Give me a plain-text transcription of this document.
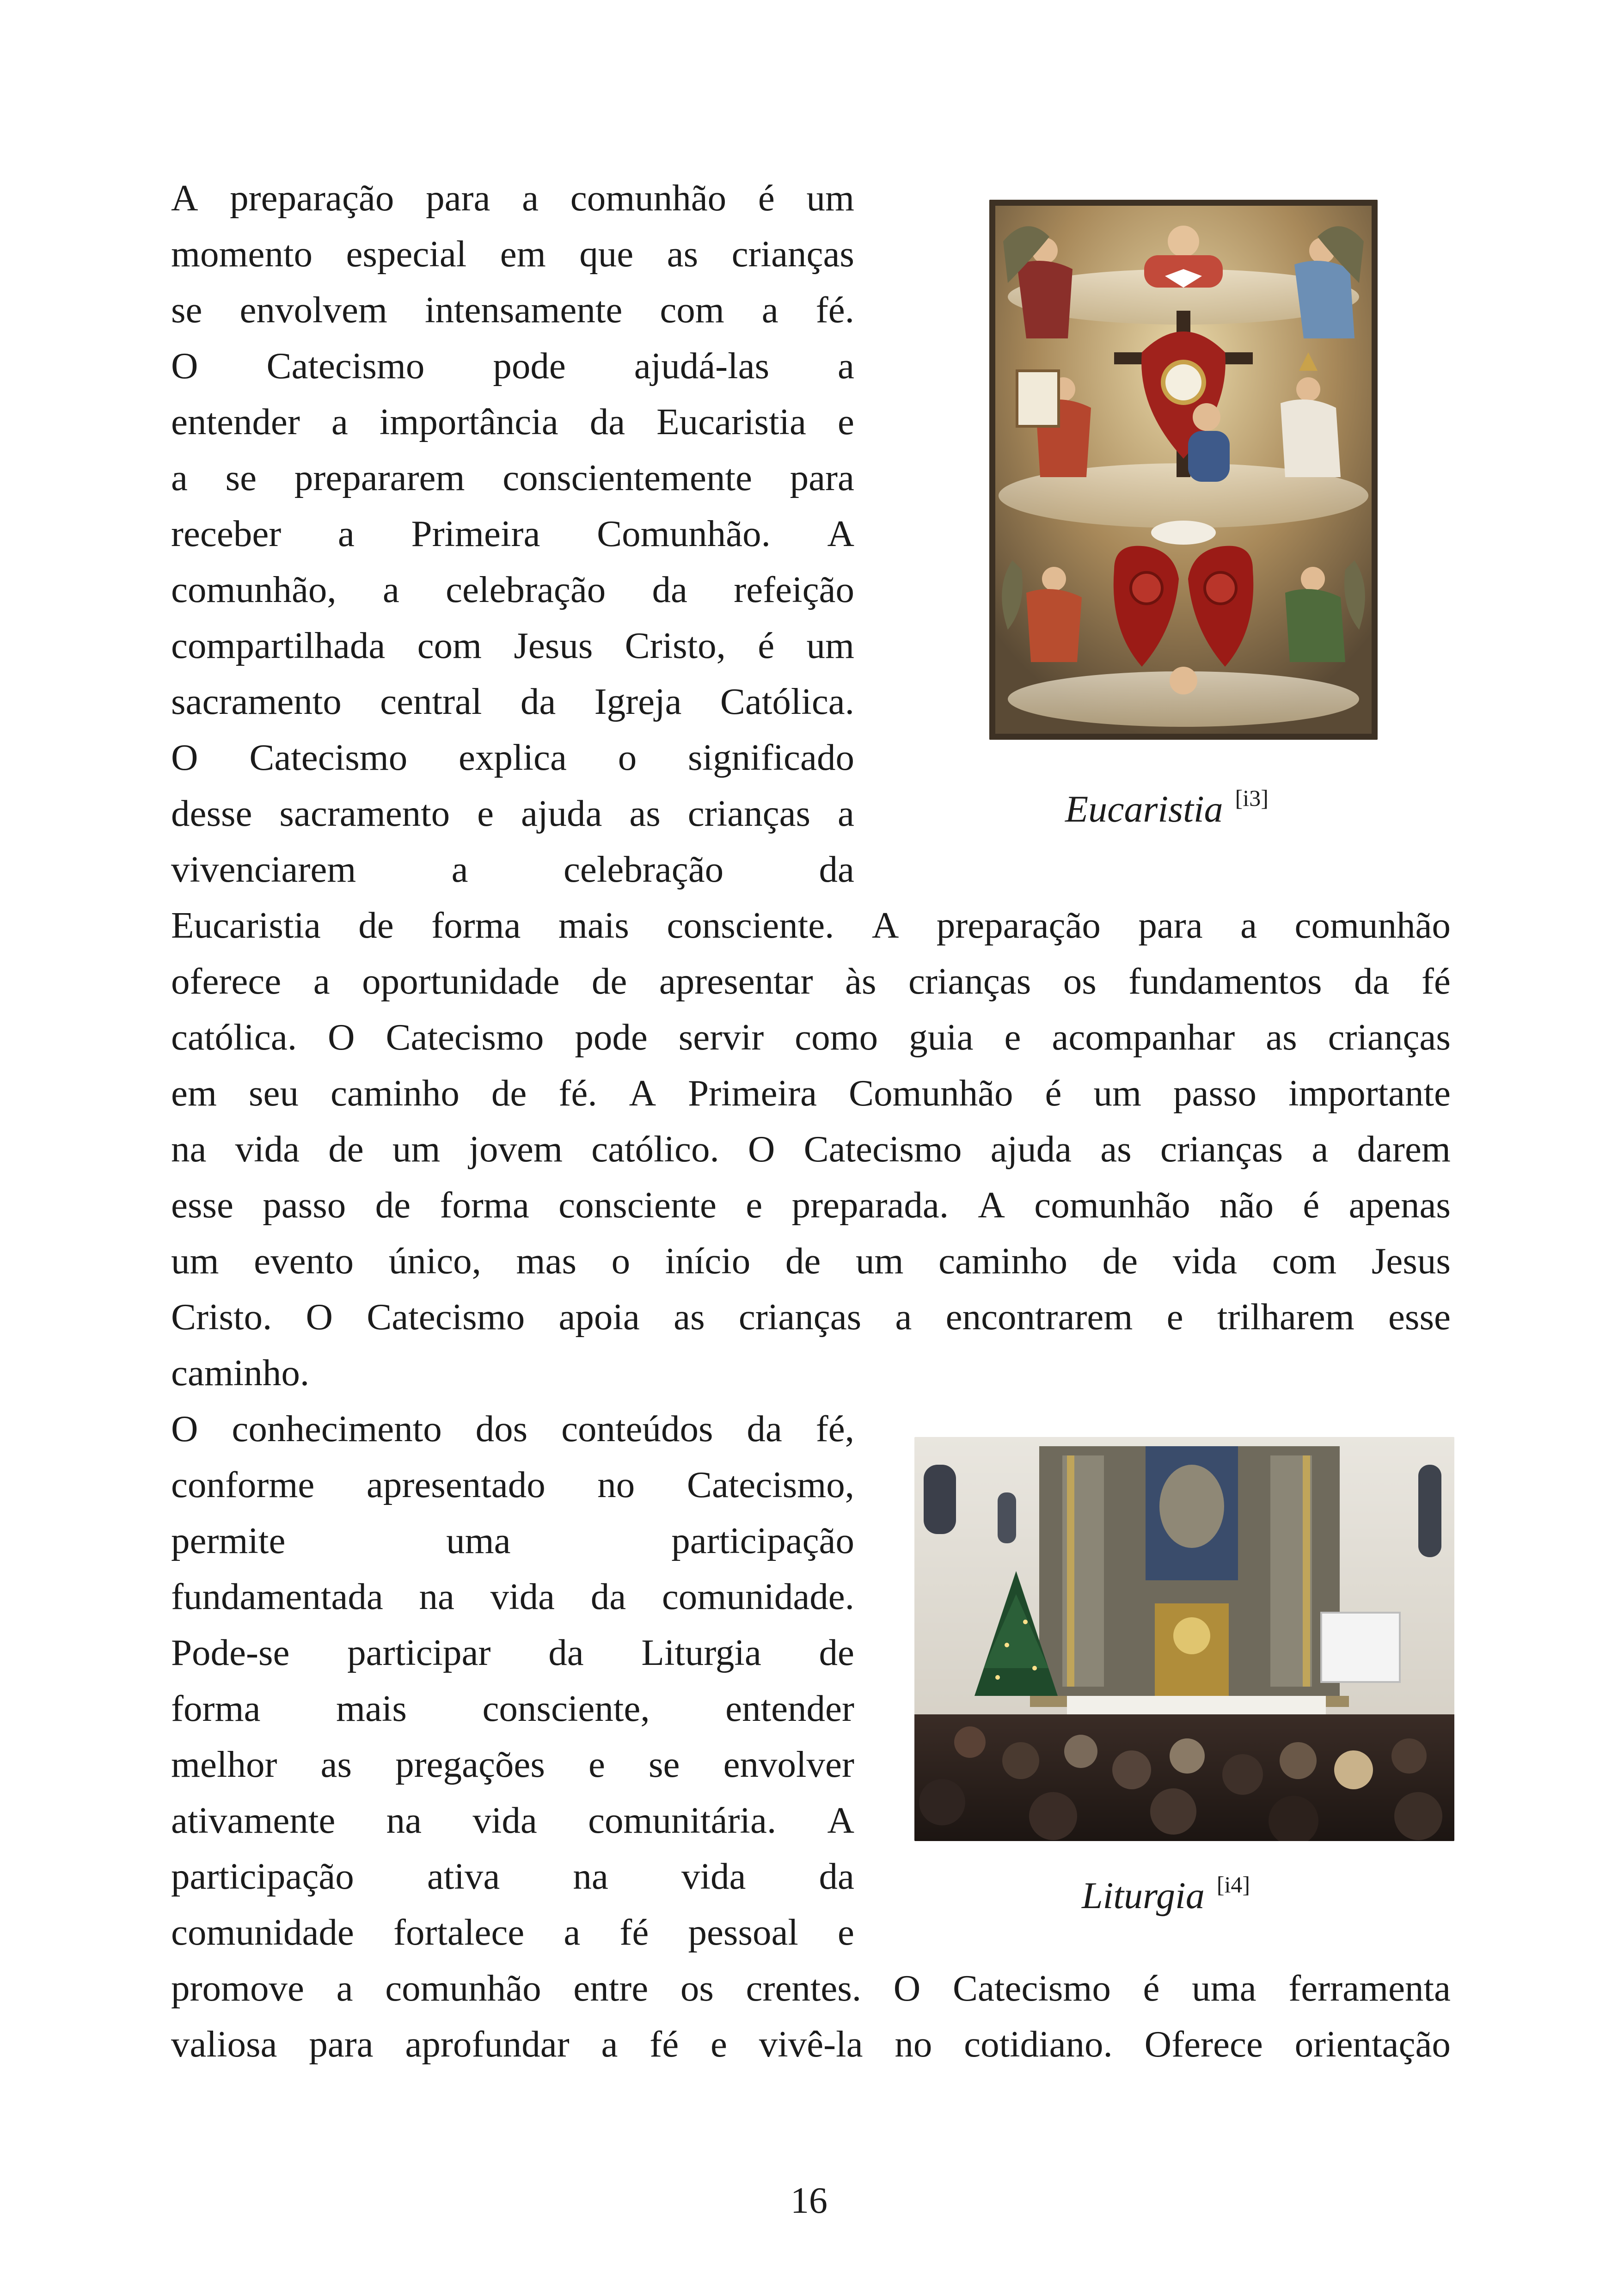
A preparação para a comunhão é um
momento especial em que as crianças
se envolvem intensamente com a fé.
O Catecismo pode ajudá-las a
entender a importância da Eucaristia e
a se prepararem conscientemente para
receber a Primeira Comunhão. A
comunhão, a celebração da refeição
compartilhada com Jesus Cristo, é um
sacramento central da Igreja Católica.
O Catecismo explica o significado
desse sacramento e ajuda as crianças a
vivenciarem	a	celebração	da
Eucaristia de forma mais consciente. A preparação para a comunhão
oferece a oportunidade de apresentar às crianças os fundamentos da fé
católica. O Catecismo pode servir como guia e acompanhar as crianças
em seu caminho de fé. A Primeira Comunhão é um passo importante
na vida de um jovem católico. O Catecismo ajuda as crianças a darem
esse passo de forma consciente e preparada. A comunhão não é apenas
um evento único, mas o início de um caminho de vida com Jesus
Cristo. O Catecismo apoia as crianças a encontrarem e trilharem esse
caminho.
Eucaristia [i3]
O conhecimento dos conteúdos da fé,
conforme apresentado no Catecismo,
permite	uma	participação
fundamentada na vida da comunidade.
Pode-se participar da Liturgia de
forma mais consciente, entender
melhor as pregações e se envolver
ativamente na vida comunitária. A
participação ativa na vida da
comunidade fortalece a fé pessoal e
promove a comunhão entre os crentes. O Catecismo é uma ferramenta
valiosa para aprofundar a fé e vivê-la no cotidiano. Oferece orientação
Liturgia [i4]
16
